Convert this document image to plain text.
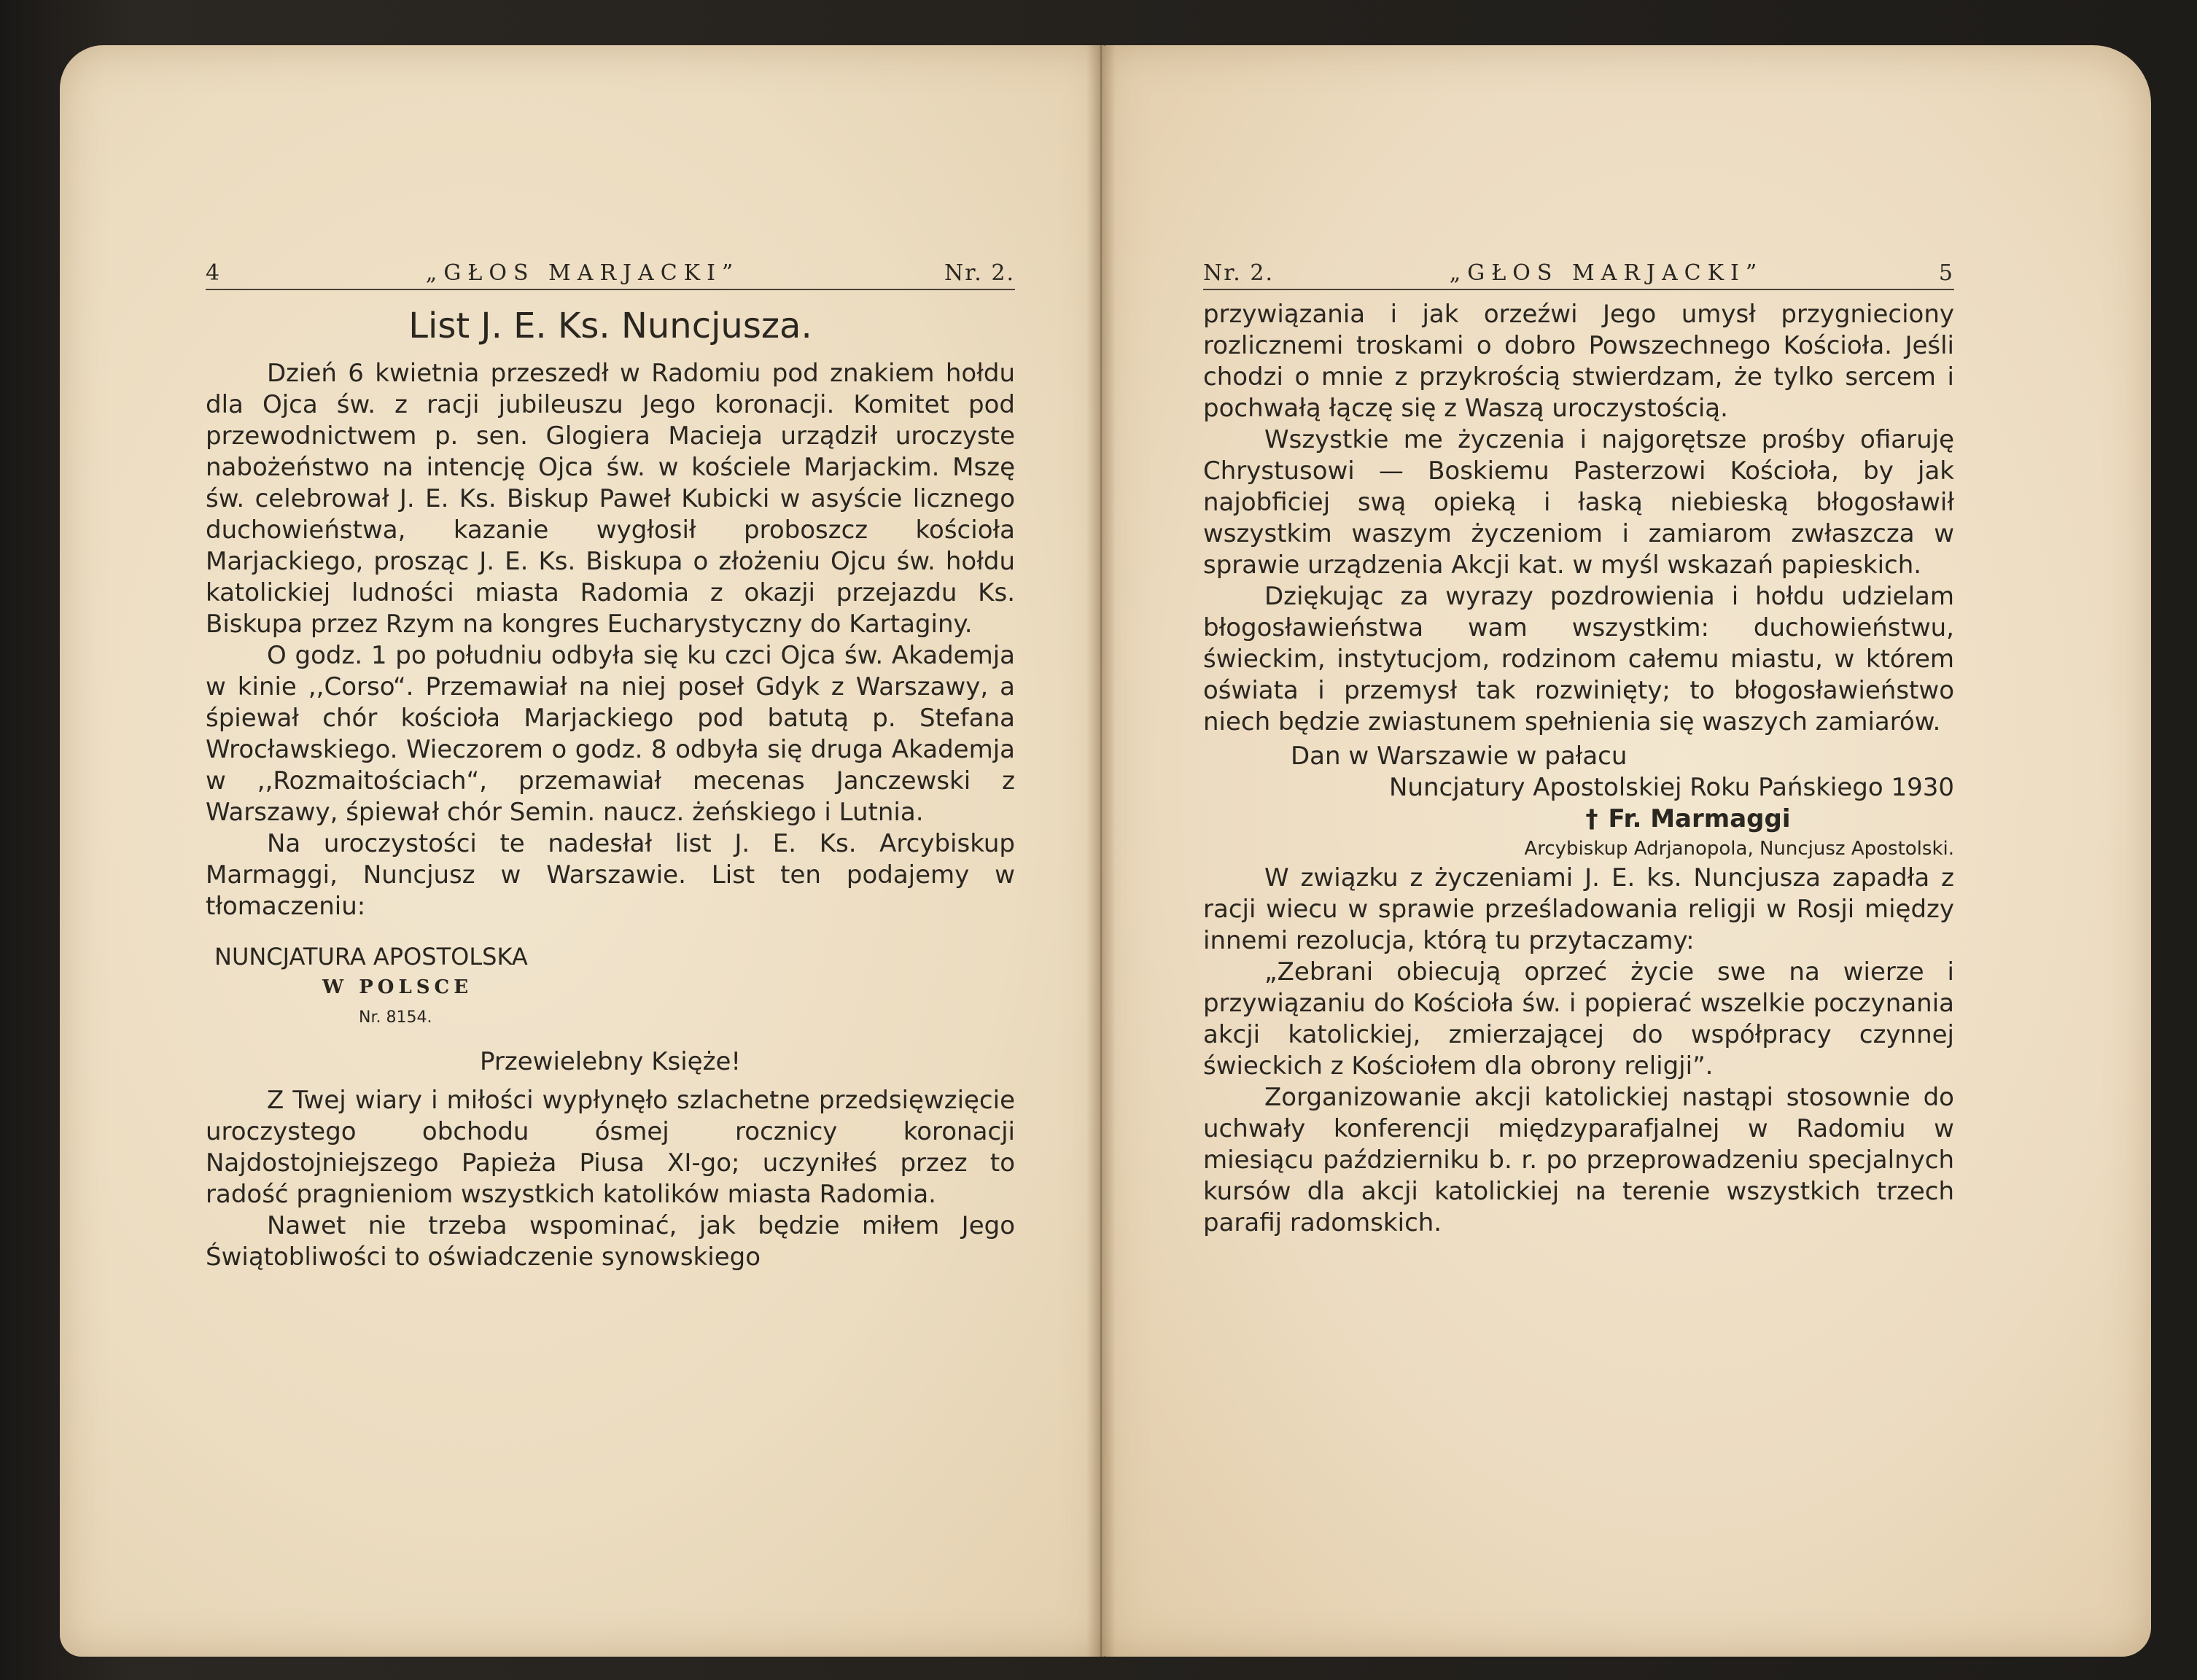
4	„GŁOS MARJACKI”	Nr. 2.
List J. E. Ks. Nuncjusza.

Dzień 6 kwietnia przeszedł w Radomiu pod znakiem hołdu dla Ojca św. z racji jubileuszu Jego koronacji. Komitet pod przewodnictwem p. sen. Glogiera Macieja urządził uroczyste nabożeństwo na intencję Ojca św. w kościele Marjackim. Mszę św. celebrował J. E. Ks. Biskup Paweł Kubicki w asyście licznego duchowieństwa, kazanie wygłosił proboszcz kościoła Marjackiego, prosząc J. E. Ks. Biskupa o złożeniu Ojcu św. hołdu katolickiej ludności miasta Radomia z okazji przejazdu Ks. Biskupa przez Rzym na kongres Eucharystyczny do Kartaginy.

O godz. 1 po południu odbyła się ku czci Ojca św. Akademja w kinie ,,Corso“. Przemawiał na niej poseł Gdyk z Warszawy, a śpiewał chór kościoła Marjackiego pod batutą p. Stefana Wrocławskiego. Wieczorem o godz. 8 odbyła się druga Akademja w ,,Rozmaitościach“, przemawiał mecenas Janczewski z Warszawy, śpiewał chór Semin. naucz. żeńskiego i Lutnia.

Na uroczystości te nadesłał list J. E. Ks. Arcybiskup Marmaggi, Nuncjusz w Warszawie. List ten podajemy w tłomaczeniu:

NUNCJATURA APOSTOLSKA
W POLSCE
Nr. 8154.
Przewielebny Księże!

Z Twej wiary i miłości wypłynęło szlachetne przedsięwzięcie uroczystego obchodu ósmej rocznicy koronacji Najdostojniejszego Papieża Piusa XI-go; uczyniłeś przez to radość pragnieniom wszystkich katolików miasta Radomia.

Nawet nie trzeba wspominać, jak będzie miłem Jego Świątobliwości to oświadczenie synowskiego

Nr. 2.	„GŁOS MARJACKI”	5

przywiązania i jak orzeźwi Jego umysł przygnieciony rozlicznemi troskami o dobro Powszechnego Kościoła. Jeśli chodzi o mnie z przykrością stwierdzam, że tylko sercem i pochwałą łączę się z Waszą uroczystością.

Wszystkie me życzenia i najgorętsze prośby ofiaruję Chrystusowi — Boskiemu Pasterzowi Kościoła, by jak najobficiej swą opieką i łaską niebieską błogosławił wszystkim waszym życzeniom i zamiarom zwłaszcza w sprawie urządzenia Akcji kat. w myśl wskazań papieskich.

Dziękując za wyrazy pozdrowienia i hołdu udzielam błogosławieństwa wam wszystkim: duchowieństwu, świeckim, instytucjom, rodzinom całemu miastu, w którem oświata i przemysł tak rozwinięty; to błogosławieństwo niech będzie zwiastunem spełnienia się waszych zamiarów.

Dan w Warszawie w pałacu
Nuncjatury Apostolskiej Roku Pańskiego 1930
† Fr. Marmaggi
Arcybiskup Adrjanopola, Nuncjusz Apostolski.

W związku z życzeniami J. E. ks. Nuncjusza zapadła z racji wiecu w sprawie prześladowania religji w Rosji między innemi rezolucja, którą tu przytaczamy:

„Zebrani obiecują oprzeć życie swe na wierze i przywiązaniu do Kościoła św. i popierać wszelkie poczynania akcji katolickiej, zmierzającej do współpracy czynnej świeckich z Kościołem dla obrony religji”.

Zorganizowanie akcji katolickiej nastąpi stosownie do uchwały konferencji międzyparafjalnej w Radomiu w miesiącu październiku b. r. po przeprowadzeniu specjalnych kursów dla akcji katolickiej na terenie wszystkich trzech parafij radomskich.
